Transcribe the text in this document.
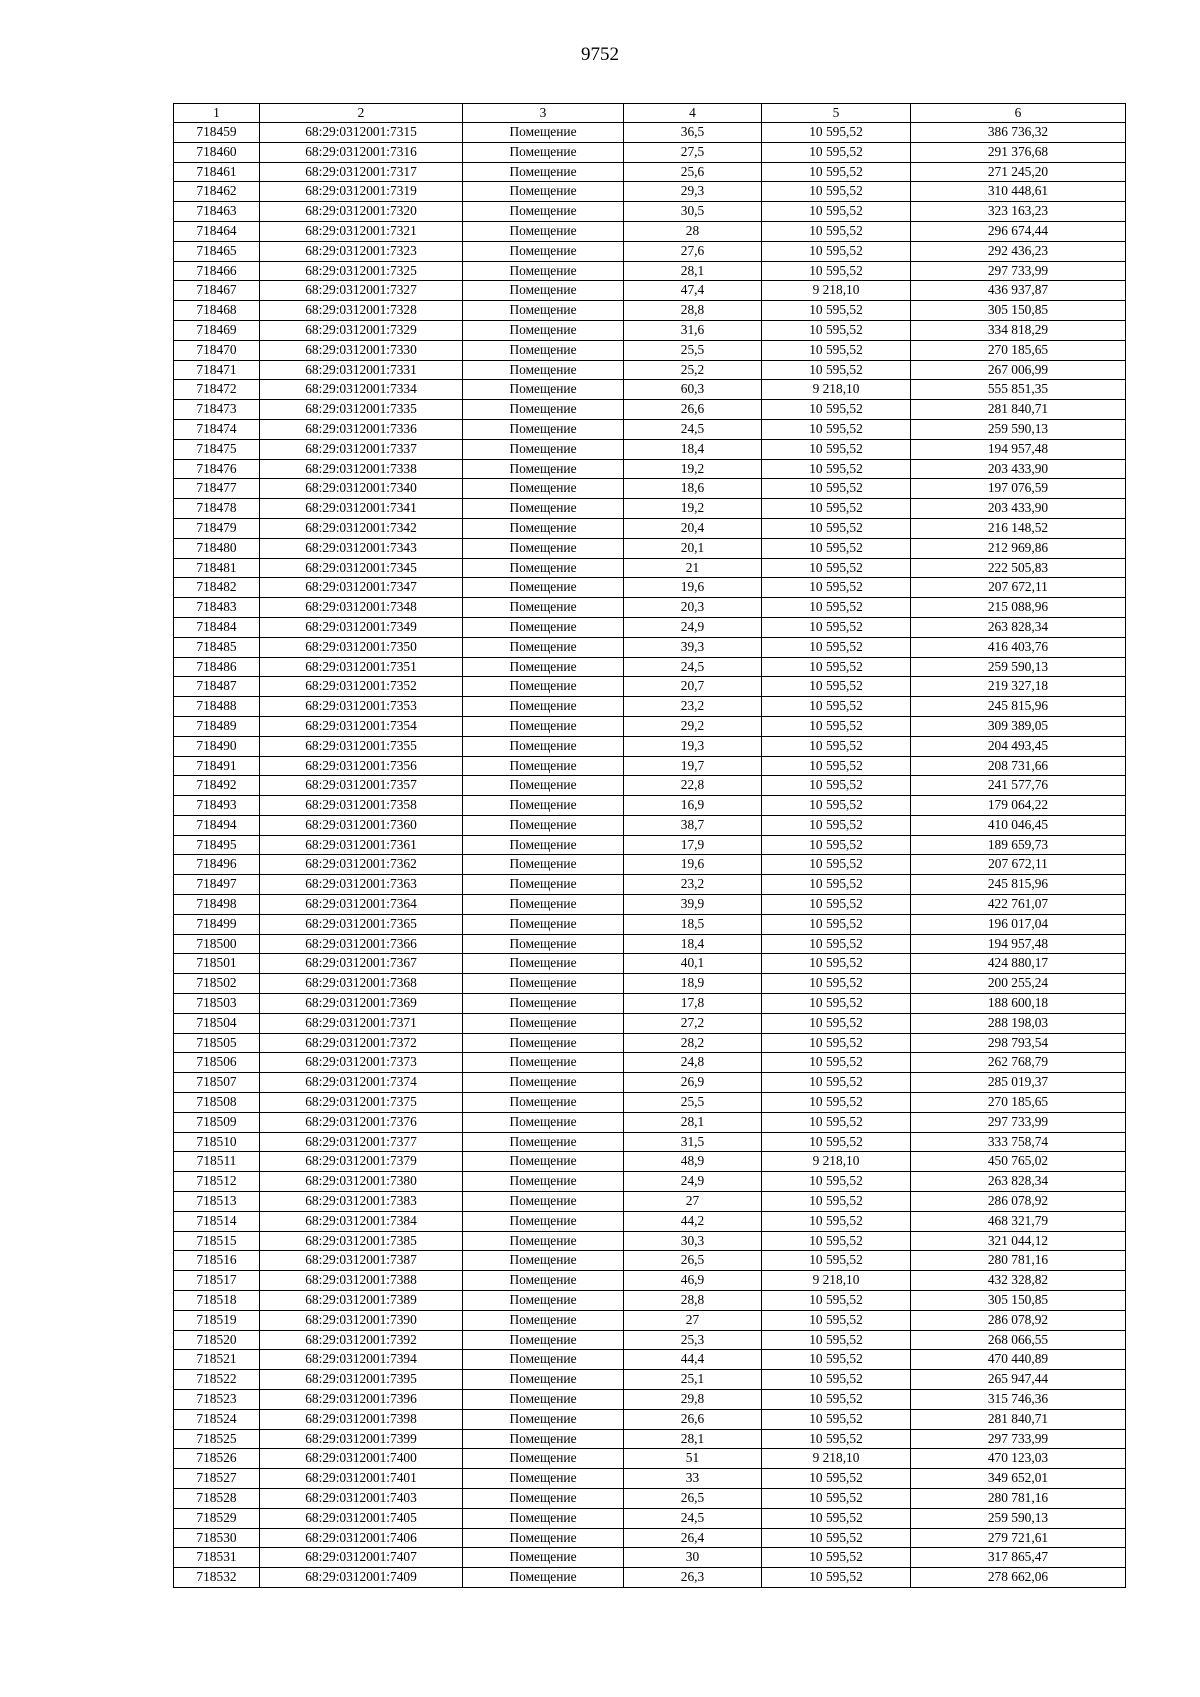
9752
1	2	3	4	5	6
718459	68:29:0312001:7315	Помещение	36,5	10 595,52	386 736,32
718460	68:29:0312001:7316	Помещение	27,5	10 595,52	291 376,68
718461	68:29:0312001:7317	Помещение	25,6	10 595,52	271 245,20
718462	68:29:0312001:7319	Помещение	29,3	10 595,52	310 448,61
718463	68:29:0312001:7320	Помещение	30,5	10 595,52	323 163,23
718464	68:29:0312001:7321	Помещение	28	10 595,52	296 674,44
718465	68:29:0312001:7323	Помещение	27,6	10 595,52	292 436,23
718466	68:29:0312001:7325	Помещение	28,1	10 595,52	297 733,99
718467	68:29:0312001:7327	Помещение	47,4	9 218,10	436 937,87
718468	68:29:0312001:7328	Помещение	28,8	10 595,52	305 150,85
718469	68:29:0312001:7329	Помещение	31,6	10 595,52	334 818,29
718470	68:29:0312001:7330	Помещение	25,5	10 595,52	270 185,65
718471	68:29:0312001:7331	Помещение	25,2	10 595,52	267 006,99
718472	68:29:0312001:7334	Помещение	60,3	9 218,10	555 851,35
718473	68:29:0312001:7335	Помещение	26,6	10 595,52	281 840,71
718474	68:29:0312001:7336	Помещение	24,5	10 595,52	259 590,13
718475	68:29:0312001:7337	Помещение	18,4	10 595,52	194 957,48
718476	68:29:0312001:7338	Помещение	19,2	10 595,52	203 433,90
718477	68:29:0312001:7340	Помещение	18,6	10 595,52	197 076,59
718478	68:29:0312001:7341	Помещение	19,2	10 595,52	203 433,90
718479	68:29:0312001:7342	Помещение	20,4	10 595,52	216 148,52
718480	68:29:0312001:7343	Помещение	20,1	10 595,52	212 969,86
718481	68:29:0312001:7345	Помещение	21	10 595,52	222 505,83
718482	68:29:0312001:7347	Помещение	19,6	10 595,52	207 672,11
718483	68:29:0312001:7348	Помещение	20,3	10 595,52	215 088,96
718484	68:29:0312001:7349	Помещение	24,9	10 595,52	263 828,34
718485	68:29:0312001:7350	Помещение	39,3	10 595,52	416 403,76
718486	68:29:0312001:7351	Помещение	24,5	10 595,52	259 590,13
718487	68:29:0312001:7352	Помещение	20,7	10 595,52	219 327,18
718488	68:29:0312001:7353	Помещение	23,2	10 595,52	245 815,96
718489	68:29:0312001:7354	Помещение	29,2	10 595,52	309 389,05
718490	68:29:0312001:7355	Помещение	19,3	10 595,52	204 493,45
718491	68:29:0312001:7356	Помещение	19,7	10 595,52	208 731,66
718492	68:29:0312001:7357	Помещение	22,8	10 595,52	241 577,76
718493	68:29:0312001:7358	Помещение	16,9	10 595,52	179 064,22
718494	68:29:0312001:7360	Помещение	38,7	10 595,52	410 046,45
718495	68:29:0312001:7361	Помещение	17,9	10 595,52	189 659,73
718496	68:29:0312001:7362	Помещение	19,6	10 595,52	207 672,11
718497	68:29:0312001:7363	Помещение	23,2	10 595,52	245 815,96
718498	68:29:0312001:7364	Помещение	39,9	10 595,52	422 761,07
718499	68:29:0312001:7365	Помещение	18,5	10 595,52	196 017,04
718500	68:29:0312001:7366	Помещение	18,4	10 595,52	194 957,48
718501	68:29:0312001:7367	Помещение	40,1	10 595,52	424 880,17
718502	68:29:0312001:7368	Помещение	18,9	10 595,52	200 255,24
718503	68:29:0312001:7369	Помещение	17,8	10 595,52	188 600,18
718504	68:29:0312001:7371	Помещение	27,2	10 595,52	288 198,03
718505	68:29:0312001:7372	Помещение	28,2	10 595,52	298 793,54
718506	68:29:0312001:7373	Помещение	24,8	10 595,52	262 768,79
718507	68:29:0312001:7374	Помещение	26,9	10 595,52	285 019,37
718508	68:29:0312001:7375	Помещение	25,5	10 595,52	270 185,65
718509	68:29:0312001:7376	Помещение	28,1	10 595,52	297 733,99
718510	68:29:0312001:7377	Помещение	31,5	10 595,52	333 758,74
718511	68:29:0312001:7379	Помещение	48,9	9 218,10	450 765,02
718512	68:29:0312001:7380	Помещение	24,9	10 595,52	263 828,34
718513	68:29:0312001:7383	Помещение	27	10 595,52	286 078,92
718514	68:29:0312001:7384	Помещение	44,2	10 595,52	468 321,79
718515	68:29:0312001:7385	Помещение	30,3	10 595,52	321 044,12
718516	68:29:0312001:7387	Помещение	26,5	10 595,52	280 781,16
718517	68:29:0312001:7388	Помещение	46,9	9 218,10	432 328,82
718518	68:29:0312001:7389	Помещение	28,8	10 595,52	305 150,85
718519	68:29:0312001:7390	Помещение	27	10 595,52	286 078,92
718520	68:29:0312001:7392	Помещение	25,3	10 595,52	268 066,55
718521	68:29:0312001:7394	Помещение	44,4	10 595,52	470 440,89
718522	68:29:0312001:7395	Помещение	25,1	10 595,52	265 947,44
718523	68:29:0312001:7396	Помещение	29,8	10 595,52	315 746,36
718524	68:29:0312001:7398	Помещение	26,6	10 595,52	281 840,71
718525	68:29:0312001:7399	Помещение	28,1	10 595,52	297 733,99
718526	68:29:0312001:7400	Помещение	51	9 218,10	470 123,03
718527	68:29:0312001:7401	Помещение	33	10 595,52	349 652,01
718528	68:29:0312001:7403	Помещение	26,5	10 595,52	280 781,16
718529	68:29:0312001:7405	Помещение	24,5	10 595,52	259 590,13
718530	68:29:0312001:7406	Помещение	26,4	10 595,52	279 721,61
718531	68:29:0312001:7407	Помещение	30	10 595,52	317 865,47
718532	68:29:0312001:7409	Помещение	26,3	10 595,52	278 662,06
